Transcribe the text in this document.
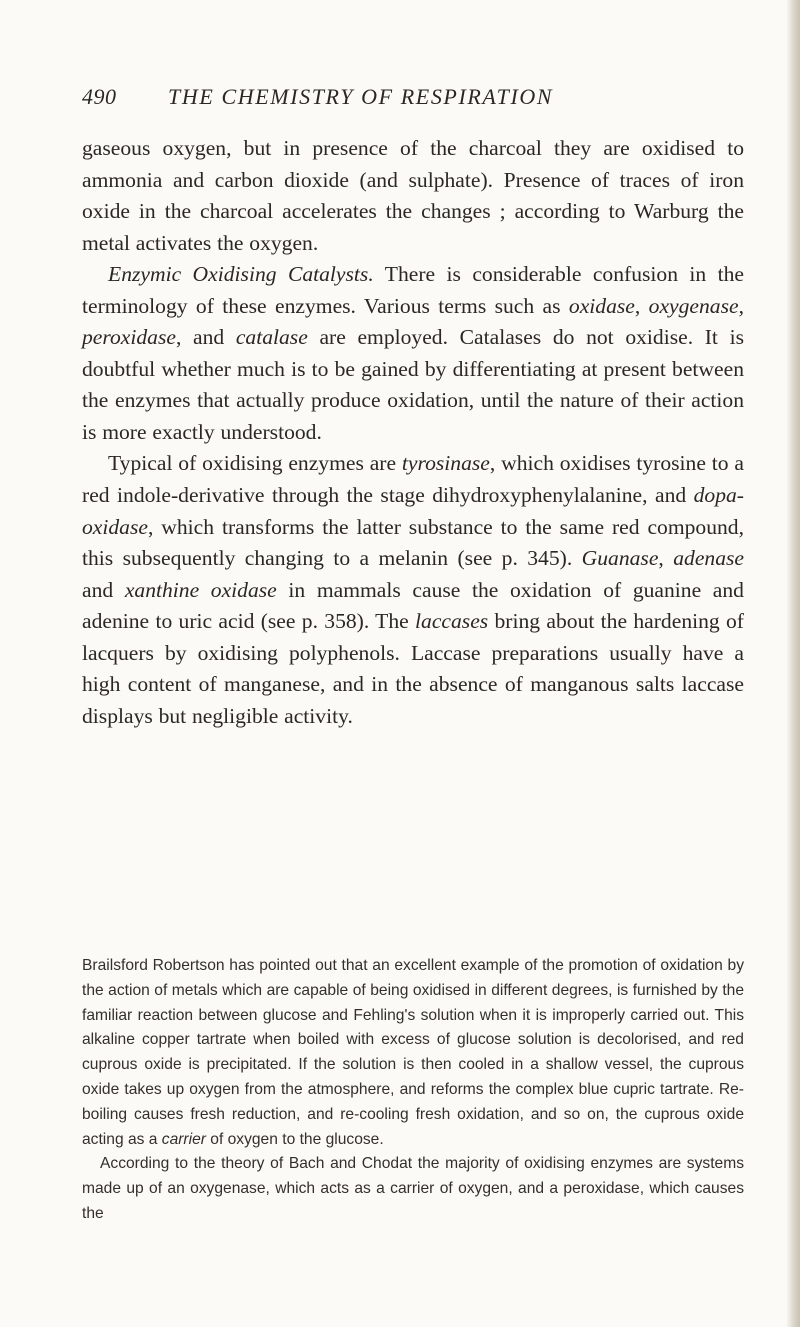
490 THE CHEMISTRY OF RESPIRATION

gaseous oxygen, but in presence of the charcoal they are oxidised to ammonia and carbon dioxide (and sulphate). Presence of traces of iron oxide in the charcoal accelerates the changes ; according to Warburg the metal activates the oxygen.

Enzymic Oxidising Catalysts. There is considerable confusion in the terminology of these enzymes. Various terms such as oxidase, oxygenase, peroxidase, and catalase are employed. Catalases do not oxidise. It is doubtful whether much is to be gained by differentiating at present between the enzymes that actually produce oxidation, until the nature of their action is more exactly understood.

Typical of oxidising enzymes are tyrosinase, which oxidises tyrosine to a red indole-derivative through the stage dihydroxyphenylalanine, and dopa-oxidase, which transforms the latter substance to the same red compound, this subsequently changing to a melanin (see p. 345). Guanase, adenase and xanthine oxidase in mammals cause the oxidation of guanine and adenine to uric acid (see p. 358). The laccases bring about the hardening of lacquers by oxidising polyphenols. Laccase preparations usually have a high content of manganese, and in the absence of manganous salts laccase displays but negligible activity.

Brailsford Robertson has pointed out that an excellent example of the promotion of oxidation by the action of metals which are capable of being oxidised in different degrees, is furnished by the familiar reaction between glucose and Fehling's solution when it is improperly carried out. This alkaline copper tartrate when boiled with excess of glucose solution is decolorised, and red cuprous oxide is precipitated. If the solution is then cooled in a shallow vessel, the cuprous oxide takes up oxygen from the atmosphere, and reforms the complex blue cupric tartrate. Re-boiling causes fresh reduction, and re-cooling fresh oxidation, and so on, the cuprous oxide acting as a carrier of oxygen to the glucose.

According to the theory of Bach and Chodat the majority of oxidising enzymes are systems made up of an oxygenase, which acts as a carrier of oxygen, and a peroxidase, which causes the
